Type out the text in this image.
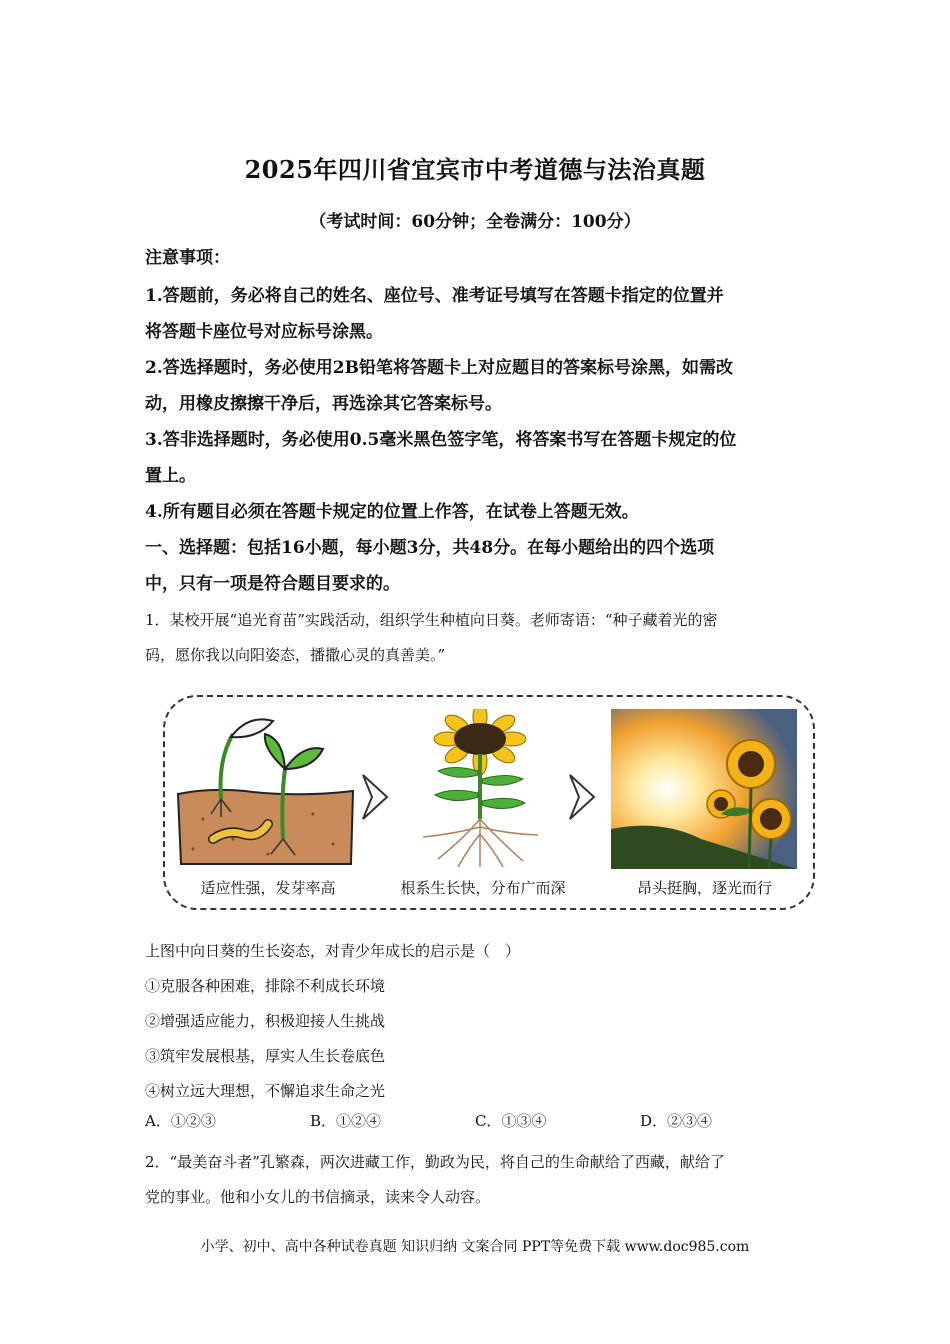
2025年四川省宜宾市中考道德与法治真题
（考试时间：60分钟；全卷满分：100分）
注意事项：
1.答题前，务必将自己的姓名、座位号、准考证号填写在答题卡指定的位置并
将答题卡座位号对应标号涂黑。
2.答选择题时，务必使用2B铅笔将答题卡上对应题目的答案标号涂黑，如需改
动，用橡皮擦擦干净后，再选涂其它答案标号。
3.答非选择题时，务必使用0.5毫米黑色签字笔，将答案书写在答题卡规定的位
置上。
4.所有题目必须在答题卡规定的位置上作答，在试卷上答题无效。
一、选择题：包括16小题，每小题3分，共48分。在每小题给出的四个选项
中，只有一项是符合题目要求的。
1．某校开展“追光育苗”实践活动，组织学生种植向日葵。老师寄语：“种子藏着光的密
码，愿你我以向阳姿态，播撒心灵的真善美。”
适应性强，发芽率高	根系生长快，分布广而深	昂头挺胸，逐光而行
上图中向日葵的生长姿态，对青少年成长的启示是（　）
①克服各种困难，排除不利成长环境
②增强适应能力，积极迎接人生挑战
③筑牢发展根基，厚实人生长卷底色
④树立远大理想，不懈追求生命之光
A．①②③	B．①②④	C．①③④	D．②③④
2．“最美奋斗者”孔繁森，两次进藏工作，勤政为民，将自己的生命献给了西藏，献给了
党的事业。他和小女儿的书信摘录，读来令人动容。
小学、初中、高中各种试卷真题 知识归纳 文案合同 PPT等免费下载 www.doc985.com
